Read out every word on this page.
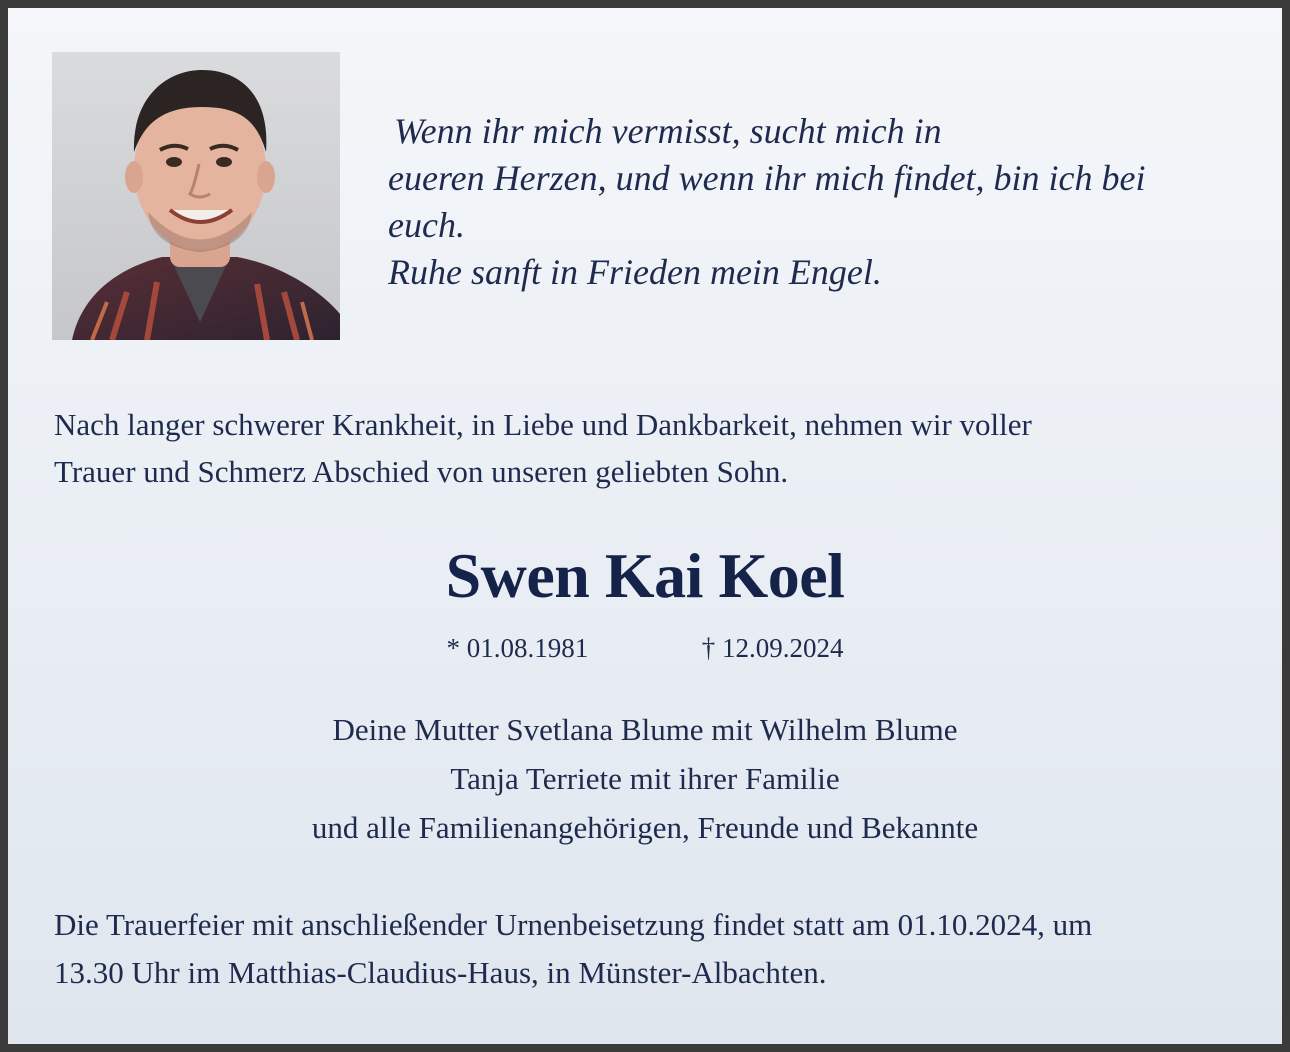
Wenn ihr mich vermisst, sucht mich in
eueren Herzen, und wenn ihr mich findet, bin ich bei
euch.
Ruhe sanft in Frieden mein Engel.
Nach langer schwerer Krankheit, in Liebe und Dankbarkeit, nehmen wir voller
Trauer und Schmerz Abschied von unseren geliebten Sohn.
Swen Kai Koel
* 01.08.1981	† 12.09.2024
Deine Mutter Svetlana Blume mit Wilhelm Blume
Tanja Terriete mit ihrer Familie
und alle Familienangehörigen, Freunde und Bekannte
Die Trauerfeier mit anschließender Urnenbeisetzung findet statt am 01.10.2024, um
13.30 Uhr im Matthias-Claudius-Haus, in Münster-Albachten.
